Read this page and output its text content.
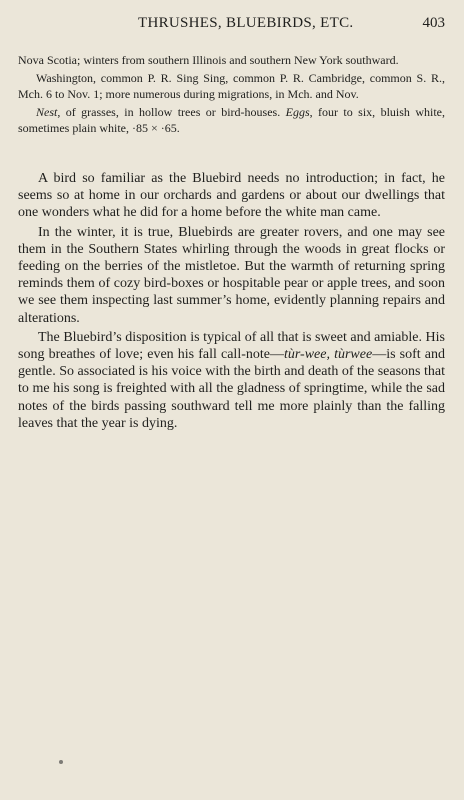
THRUSHES, BLUEBIRDS, ETC.	403

Nova Scotia; winters from southern Illinois and southern New York southward.

Washington, common P. R. Sing Sing, common P. R. Cambridge, common S. R., Mch. 6 to Nov. 1; more numerous during migrations, in Mch. and Nov.

Nest, of grasses, in hollow trees or bird-houses. Eggs, four to six, bluish white, sometimes plain white, ·85 × ·65.

A bird so familiar as the Bluebird needs no introduction; in fact, he seems so at home in our orchards and gardens or about our dwellings that one wonders what he did for a home before the white man came.

In the winter, it is true, Bluebirds are greater rovers, and one may see them in the Southern States whirling through the woods in great flocks or feeding on the berries of the mistletoe. But the warmth of returning spring reminds them of cozy bird-boxes or hospitable pear or apple trees, and soon we see them inspecting last summer’s home, evidently planning repairs and alterations.

The Bluebird’s disposition is typical of all that is sweet and amiable. His song breathes of love; even his fall call-note—tùr-wee, tùrwee—is soft and gentle. So associated is his voice with the birth and death of the seasons that to me his song is freighted with all the gladness of springtime, while the sad notes of the birds passing southward tell me more plainly than the falling leaves that the year is dying.
